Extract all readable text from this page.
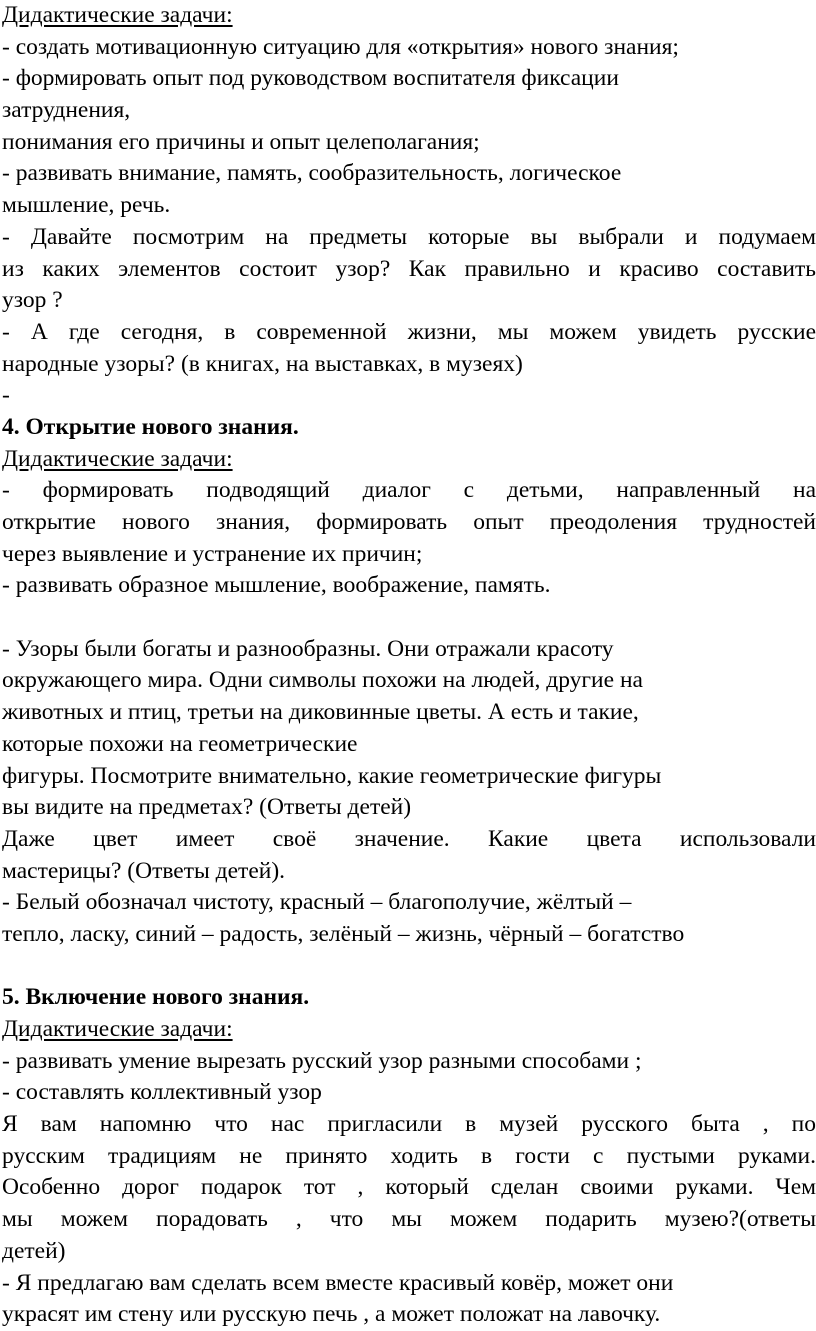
Дидактические задачи:
- создать мотивационную ситуацию для «открытия» нового знания;
- формировать опыт под руководством воспитателя фиксации
затруднения,
понимания его причины и опыт целеполагания;
- развивать внимание, память, сообразительность, логическое
мышление, речь.
- Давайте посмотрим на предметы которые вы выбрали и подумаем
из каких элементов состоит узор? Как правильно и красиво составить
узор ?
- А где сегодня, в современной жизни, мы можем увидеть русские
народные узоры? (в книгах, на выставках, в музеях)
-
4. Открытие нового знания.
Дидактические задачи:
- формировать подводящий диалог с детьми, направленный на
открытие нового знания, формировать опыт преодоления трудностей
через выявление и устранение их причин;
- развивать образное мышление, воображение, память.
- Узоры были богаты и разнообразны. Они отражали красоту
окружающего мира. Одни символы похожи на людей, другие на
животных и птиц, третьи на диковинные цветы. А есть и такие,
которые похожи на геометрические
фигуры. Посмотрите внимательно, какие геометрические фигуры
вы видите на предметах? (Ответы детей)
Даже цвет имеет своё значение. Какие цвета использовали
мастерицы? (Ответы детей).
- Белый обозначал чистоту, красный – благополучие, жёлтый –
тепло, ласку, синий – радость, зелёный – жизнь, чёрный – богатство
5. Включение нового знания.
Дидактические задачи:
- развивать умение вырезать русский узор разными способами ;
- составлять коллективный узор
Я вам напомню что нас пригласили в музей русского быта , по
русским традициям не принято ходить в гости с пустыми руками.
Особенно дорог подарок тот , который сделан своими руками. Чем
мы можем порадовать , что мы можем подарить музею?(ответы
детей)
- Я предлагаю вам сделать всем вместе красивый ковёр, может они
украсят им стену или русскую печь , а может положат на лавочку.
